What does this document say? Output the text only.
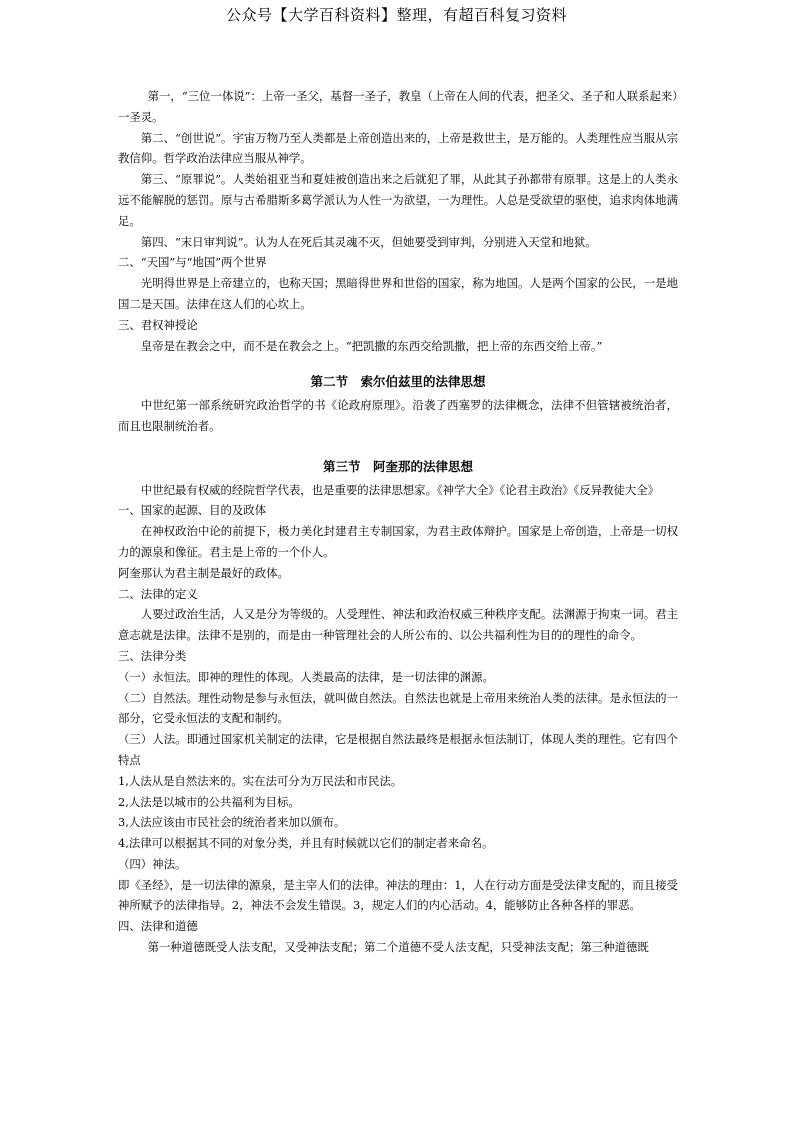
公众号【大学百科资料】整理，有超百科复习资料

第一，“三位一体说”：上帝一圣父，基督一圣子，教皇（上帝在人间的代表，把圣父、圣子和人联系起来）一圣灵。

第二、“创世说”。宇宙万物乃至人类都是上帝创造出来的，上帝是救世主，是万能的。人类理性应当服从宗教信仰。哲学政治法律应当服从神学。

第三、“原罪说”。人类始祖亚当和夏娃被创造出来之后就犯了罪，从此其子孙都带有原罪。这是上的人类永远不能解脱的惩罚。原与古希腊斯多葛学派认为人性一为欲望，一为理性。人总是受欲望的驱使，追求肉体地满足。

第四、“末日审判说”。认为人在死后其灵魂不灭，但她要受到审判，分别进入天堂和地狱。

二、“天国”与“地国”两个世界

光明得世界是上帝建立的，也称天国；黑暗得世界和世俗的国家，称为地国。人是两个国家的公民，一是地国二是天国。法律在这人们的心坎上。

三、君权神授论

皇帝是在教会之中，而不是在教会之上。“把凯撒的东西交给凯撒，把上帝的东西交给上帝。”

第二节　索尔伯兹里的法律思想

中世纪第一部系统研究政治哲学的书《论政府原理》。沿袭了西塞罗的法律概念，法律不但管辖被统治者，而且也限制统治者。

第三节　阿奎那的法律思想

中世纪最有权威的经院哲学代表，也是重要的法律思想家。《神学大全》《论君主政治》《反异教徒大全》

一、国家的起源、目的及政体

在神权政治中论的前提下，极力美化封建君主专制国家，为君主政体辩护。国家是上帝创造，上帝是一切权力的源泉和像征。君主是上帝的一个仆人。

阿奎那认为君主制是最好的政体。

二、法律的定义

人要过政治生活，人又是分为等级的。人受理性、神法和政治权威三种秩序支配。法渊源于拘束一词。君主意志就是法律。法律不是别的，而是由一种管理社会的人所公布的、以公共福利性为目的的理性的命令。

三、法律分类

（一）永恒法。即神的理性的体现。人类最高的法律，是一切法律的渊源。

（二）自然法。理性动物是参与永恒法，就叫做自然法。自然法也就是上帝用来统治人类的法律。是永恒法的一部分，它受永恒法的支配和制约。

（三）人法。即通过国家机关制定的法律，它是根据自然法最终是根据永恒法制订，体现人类的理性。它有四个特点

1,人法从是自然法来的。实在法可分为万民法和市民法。

2,人法是以城市的公共福利为目标。

3,人法应该由市民社会的统治者来加以颁布。

4,法律可以根据其不同的对象分类，并且有时候就以它们的制定者来命名。

（四）神法。

即《圣经》，是一切法律的源泉，是主宰人们的法律。神法的理由：1，人在行动方面是受法律支配的，而且接受神所赋予的法律指导。2，神法不会发生错误。3，规定人们的内心活动。4，能够防止各种各样的罪恶。

四、法律和道德

第一种道德既受人法支配，又受神法支配；第二个道德不受人法支配，只受神法支配；第三种道德既
